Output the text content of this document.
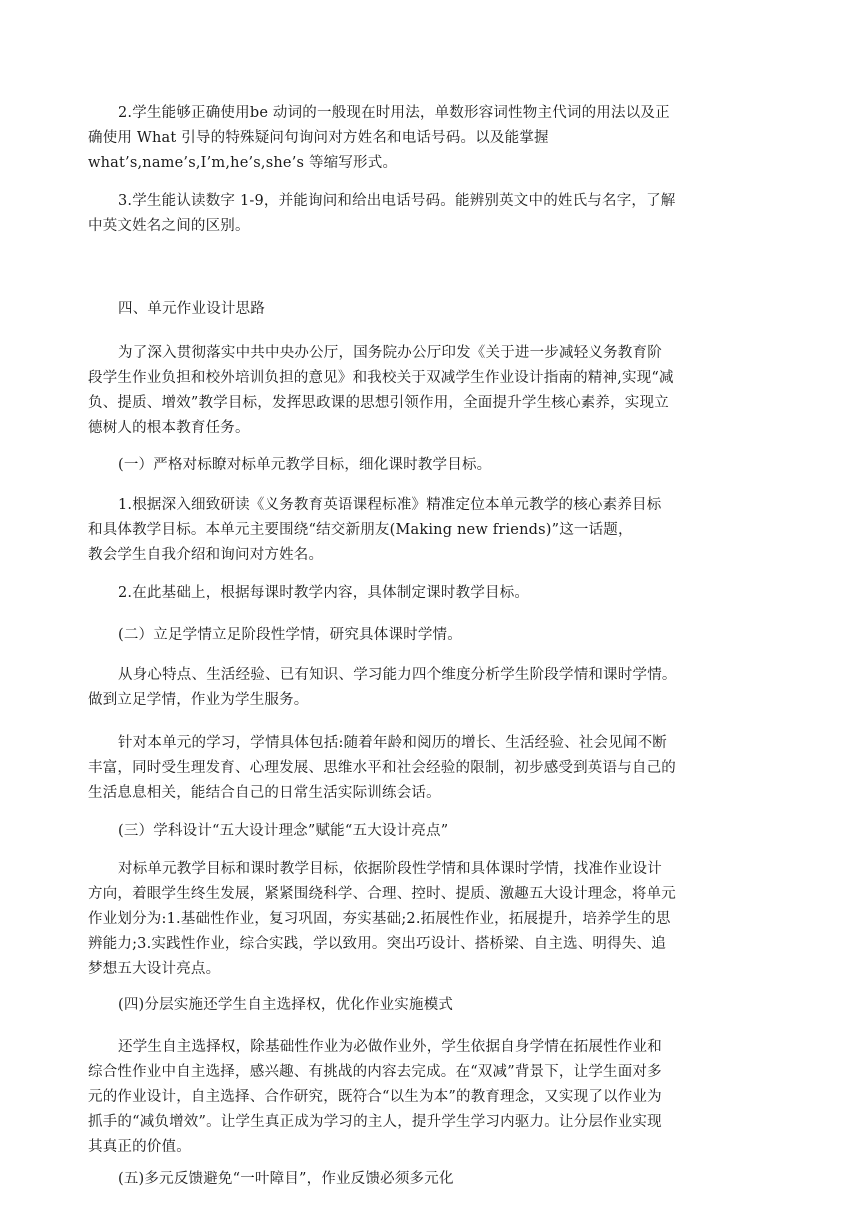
2.学生能够正确使用be 动词的一般现在时用法，单数形容词性物主代词的用法以及正
确使用 What 引导的特殊疑问句询问对方姓名和电话号码。以及能掌握
what’s,name’s,I’m,he’s,she’s 等缩写形式。
3.学生能认读数字 1-9，并能询问和给出电话号码。能辨别英文中的姓氏与名字，了解
中英文姓名之间的区别。
四、单元作业设计思路
为了深入贯彻落实中共中央办公厅，国务院办公厅印发《关于进一步减轻义务教育阶
段学生作业负担和校外培训负担的意见》和我校关于双减学生作业设计指南的精神,实现“减
负、提质、增效”教学目标，发挥思政课的思想引领作用，全面提升学生核心素养，实现立
德树人的根本教育任务。
(一）严格对标瞭对标单元教学目标，细化课时教学目标。
1.根据深入细致研读《义务教育英语课程标准》精准定位本单元教学的核心素养目标
和具体教学目标。本单元主要围绕“结交新朋友(Making new friends)”这一话题，
教会学生自我介绍和询问对方姓名。
2.在此基础上，根据每课时教学内容，具体制定课时教学目标。
(二）立足学情立足阶段性学情，研究具体课时学情。
从身心特点、生活经验、已有知识、学习能力四个维度分析学生阶段学情和课时学情。
做到立足学情，作业为学生服务。
针对本单元的学习，学情具体包括:随着年龄和阅历的增长、生活经验、社会见闻不断
丰富，同时受生理发育、心理发展、思维水平和社会经验的限制，初步感受到英语与自己的
生活息息相关，能结合自己的日常生活实际训练会话。
(三）学科设计“五大设计理念”赋能“五大设计亮点”
对标单元教学目标和课时教学目标，依据阶段性学情和具体课时学情，找准作业设计
方向，着眼学生终生发展，紧紧围绕科学、合理、控时、提质、激趣五大设计理念，将单元
作业划分为:1.基础性作业，复习巩固，夯实基础;2.拓展性作业，拓展提升，培养学生的思
辨能力;3.实践性作业，综合实践，学以致用。突出巧设计、搭桥梁、自主选、明得失、追
梦想五大设计亮点。
(四)分层实施还学生自主选择权，优化作业实施模式
还学生自主选择权，除基础性作业为必做作业外，学生依据自身学情在拓展性作业和
综合性作业中自主选择，感兴趣、有挑战的内容去完成。在“双减”背景下，让学生面对多
元的作业设计，自主选择、合作研究，既符合“以生为本”的教育理念，又实现了以作业为
抓手的“减负增效”。让学生真正成为学习的主人，提升学生学习内驱力。让分层作业实现
其真正的价值。
(五)多元反馈避免“一叶障目”，作业反馈必须多元化
